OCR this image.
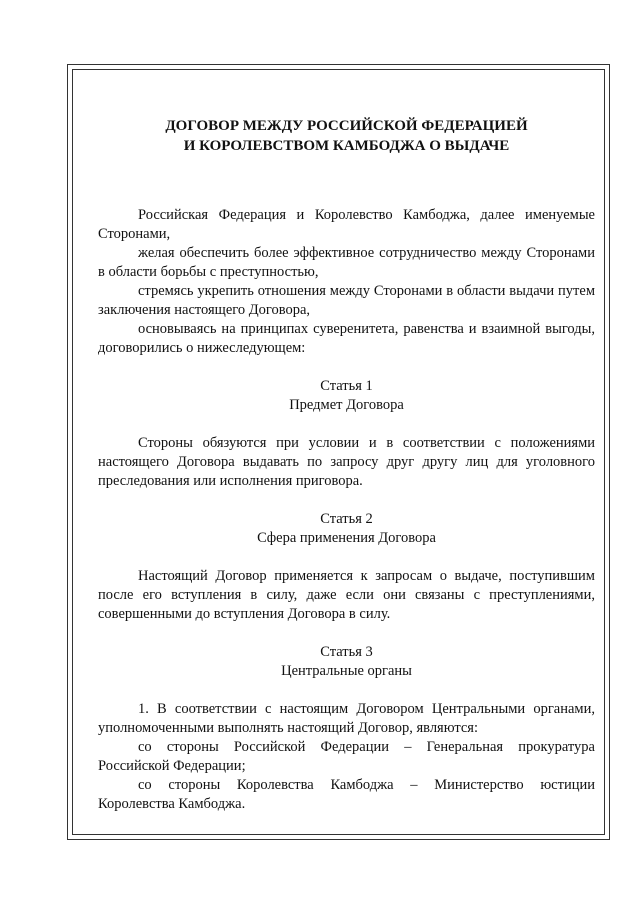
ДОГОВОР МЕЖДУ РОССИЙСКОЙ ФЕДЕРАЦИЕЙ
И КОРОЛЕВСТВОМ КАМБОДЖА О ВЫДАЧЕ

Российская Федерация и Королевство Камбоджа, далее именуемые Сторонами,

желая обеспечить более эффективное сотрудничество между Сторонами в области борьбы с преступностью,

стремясь укрепить отношения между Сторонами в области выдачи путем заключения настоящего Договора,

основываясь на принципах суверенитета, равенства и взаимной выгоды, договорились о нижеследующем:

Статья 1
Предмет Договора

Стороны обязуются при условии и в соответствии с положениями настоящего Договора выдавать по запросу друг другу лиц для уголовного преследования или исполнения приговора.

Статья 2
Сфера применения Договора

Настоящий Договор применяется к запросам о выдаче, поступившим после его вступления в силу, даже если они связаны с преступлениями, совершенными до вступления Договора в силу.

Статья 3
Центральные органы

1. В соответствии с настоящим Договором Центральными органами, уполномоченными выполнять настоящий Договор, являются:

со стороны Российской Федерации – Генеральная прокуратура Российской Федерации;

со стороны Королевства Камбоджа – Министерство юстиции Королевства Камбоджа.
